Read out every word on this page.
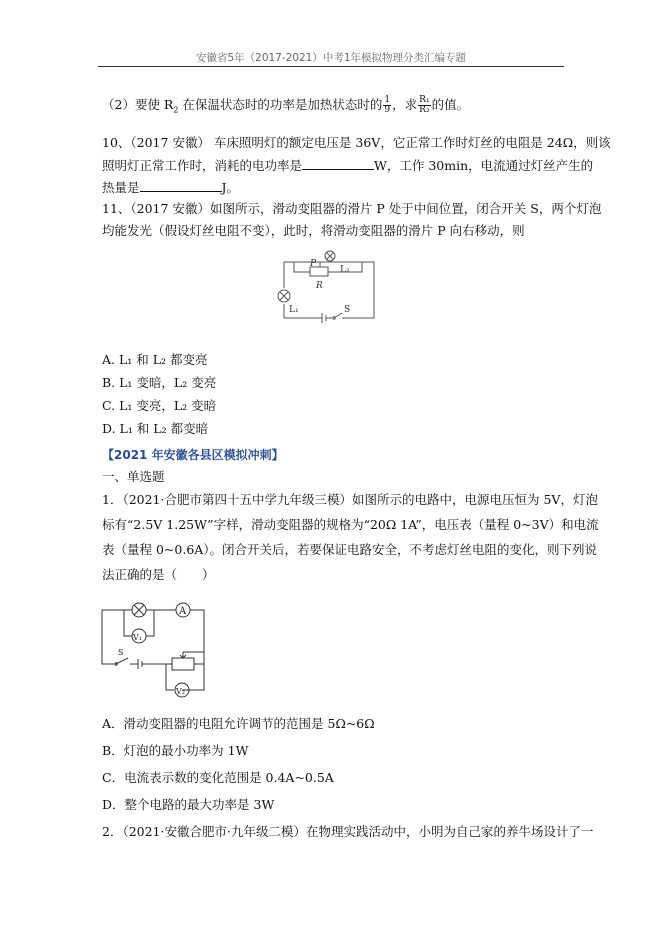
安徽省5年（2017-2021）中考1年模拟物理分类汇编专题
（2）要使 $R_2$ 在保温状态时的功率是加热状态时的 $\frac{1}{9}$ ，求 $\frac{\text{R₁}}{\text{R₂}}$ 的值。
10、（2017 安徽） 车床照明灯的额定电压是 36V，它正常工作时灯丝的电阻是 24Ω，则该
照明灯正常工作时，消耗的电功率是	W，工作 30min，电流通过灯丝产生的
热量是	J。
11、（2017 安徽）如图所示，滑动变阻器的滑片 P 处于中间位置，闭合开关 S，两个灯泡
均能发光（假设灯丝电阻不变），此时，将滑动变阻器的滑片 P 向右移动，则
L₂
P
R
L₁	S
A. L₁ 和 L₂ 都变亮
B. L₁ 变暗，L₂ 变亮
C. L₁ 变亮，L₂ 变暗
D. L₁ 和 L₂ 都变暗
【2021 年安徽各县区模拟冲刺】
一、单选题
1．（2021·合肥市第四十五中学九年级三模）如图所示的电路中，电源电压恒为 5V，灯泡
标有“2.5V 1.25W”字样，滑动变阻器的规格为“20Ω 1A”，电压表（量程 0~3V）和电流
表（量程 0~0.6A）。闭合开关后，若要保证电路安全，不考虑灯丝电阻的变化，则下列说
法正确的是（　　）
A
V₁
V₂
S
A．滑动变阻器的电阻允许调节的范围是 5Ω~6Ω
B．灯泡的最小功率为 1W
C．电流表示数的变化范围是 0.4A~0.5A
D．整个电路的最大功率是 3W
2．（2021·安徽合肥市·九年级二模）在物理实践活动中，小明为自己家的养牛场设计了一
